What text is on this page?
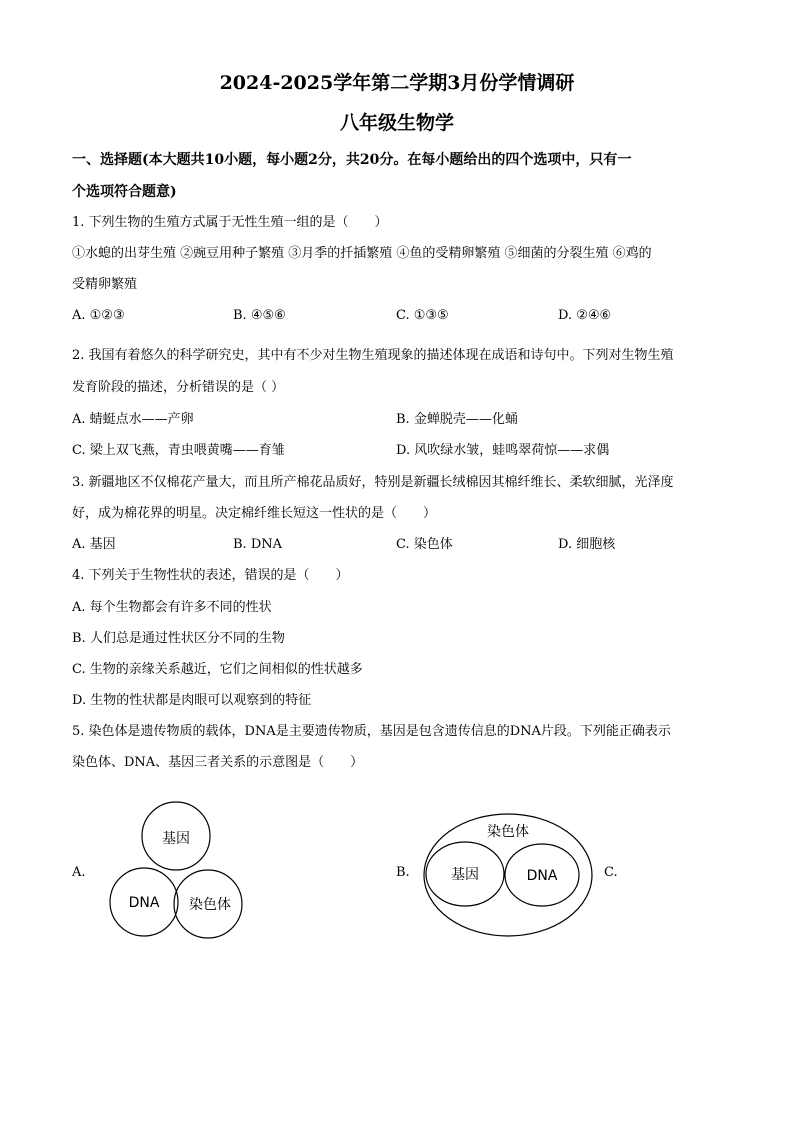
2024-2025学年第二学期3月份学情调研
八年级生物学
一、选择题(本大题共10小题，每小题2分，共20分。在每小题给出的四个选项中，只有一
个选项符合题意)
1. 下列生物的生殖方式属于无性生殖一组的是（　　）
①水螅的出芽生殖 ②豌豆用种子繁殖 ③月季的扦插繁殖 ④鱼的受精卵繁殖 ⑤细菌的分裂生殖 ⑥鸡的
受精卵繁殖
A. ①②③	B. ④⑤⑥	C. ①③⑤	D. ②④⑥
2. 我国有着悠久的科学研究史，其中有不少对生物生殖现象的描述体现在成语和诗句中。下列对生物生殖
发育阶段的描述，分析错误的是（ ）
A. 蜻蜓点水——产卵	B. 金蝉脱壳——化蛹
C. 梁上双飞燕，青虫喂黄嘴——育雏	D. 风吹绿水皱，蛙鸣翠荷惊——求偶
3. 新疆地区不仅棉花产量大，而且所产棉花品质好，特别是新疆长绒棉因其棉纤维长、柔软细腻，光泽度
好，成为棉花界的明星。决定棉纤维长短这一性状的是（　　）
A. 基因	B. DNA	C. 染色体	D. 细胞核
4. 下列关于生物性状的表述，错误的是（　　）
A. 每个生物都会有许多不同的性状
B. 人们总是通过性状区分不同的生物
C. 生物的亲缘关系越近，它们之间相似的性状越多
D. 生物的性状都是肉眼可以观察到的特征
5. 染色体是遗传物质的载体，DNA是主要遗传物质，基因是包含遗传信息的DNA片段。下列能正确表示
染色体、DNA、基因三者关系的示意图是（　　）
A.	B.	C.
基因
DNA 染色体
染色体
基因	DNA
